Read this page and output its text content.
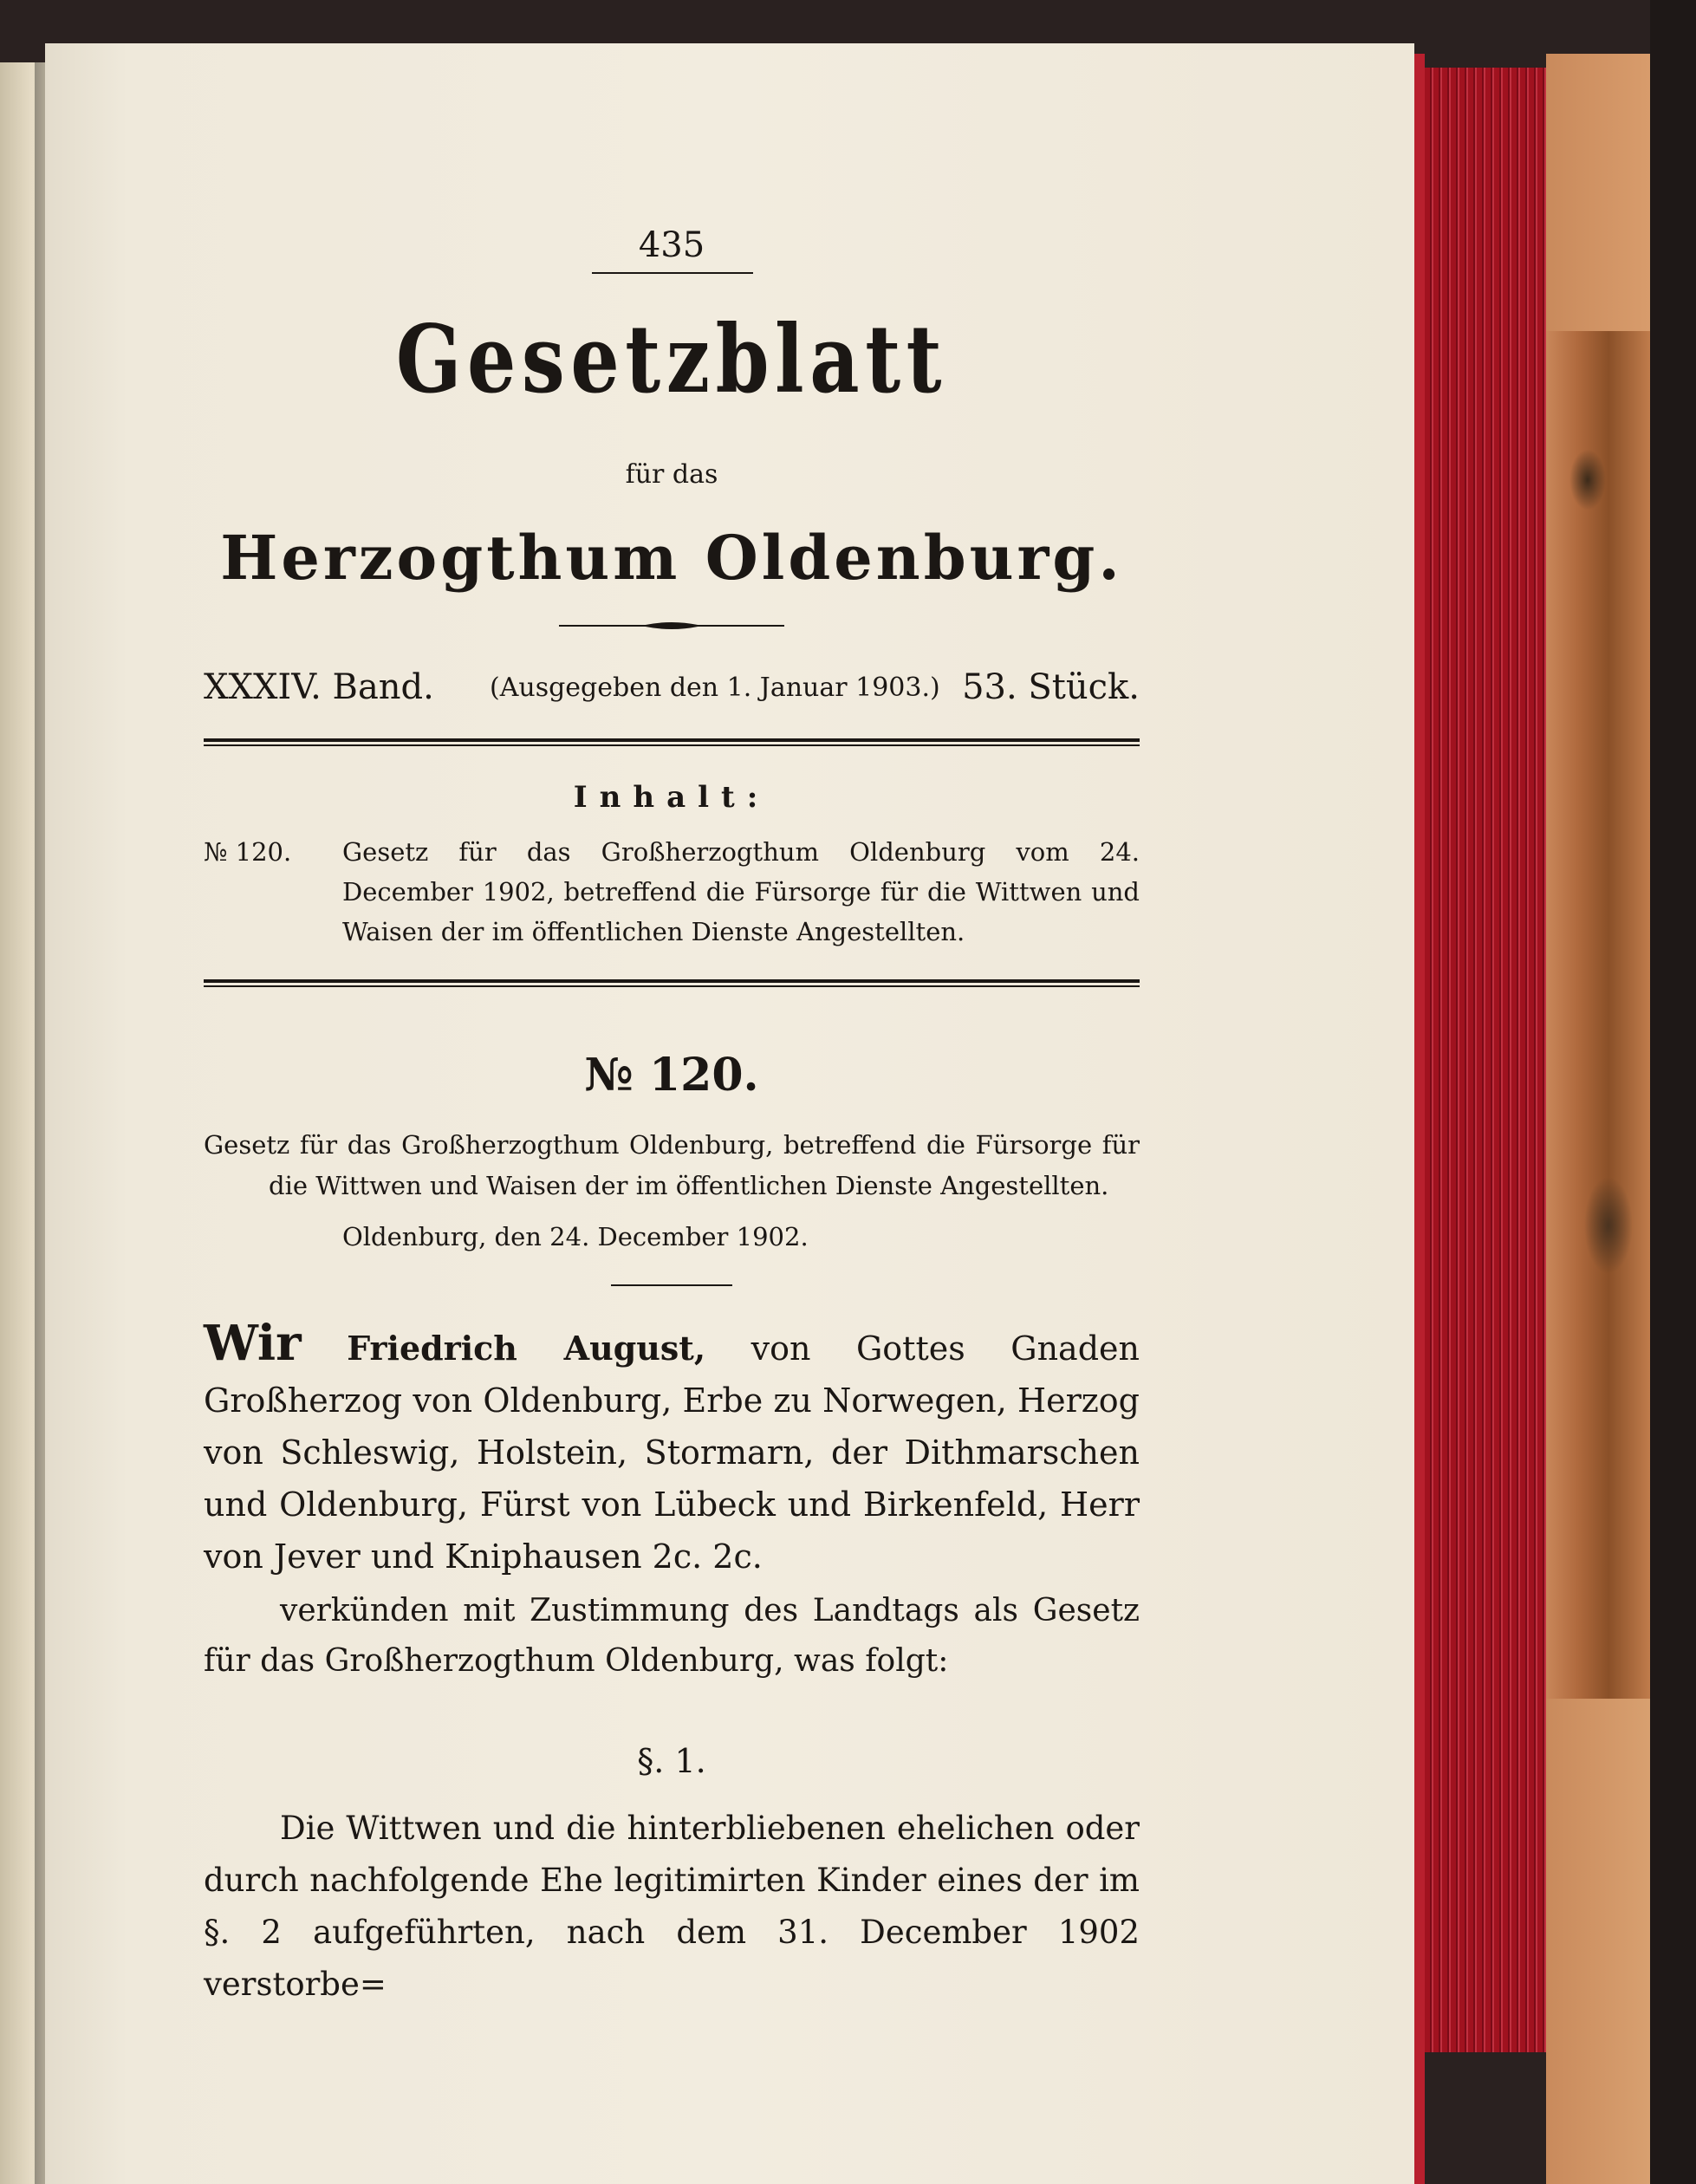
435
Gesetzblatt
für das
Herzogthum Oldenburg.
XXXIV. Band. (Ausgegeben den 1. Januar 1903.) 53. Stück.
Inhalt:
№ 120. Gesetz für das Großherzogthum Oldenburg vom 24. December 1902, betreffend die Fürsorge für die Wittwen und Waisen der im öffentlichen Dienste Angestellten.
№ 120.
Gesetz für das Großherzogthum Oldenburg, betreffend die Fürsorge für die Wittwen und Waisen der im öffentlichen Dienste Angestellten.
Oldenburg, den 24. December 1902.
Wir Friedrich August, von Gottes Gnaden Großherzog von Oldenburg, Erbe zu Norwegen, Herzog von Schleswig, Holstein, Stormarn, der Dithmarschen und Oldenburg, Fürst von Lübeck und Birkenfeld, Herr von Jever und Kniphausen 2c. 2c.
verkünden mit Zustimmung des Landtags als Gesetz für das Großherzogthum Oldenburg, was folgt:
§. 1.
Die Wittwen und die hinterbliebenen ehelichen oder durch nachfolgende Ehe legitimirten Kinder eines der im §. 2 aufgeführten, nach dem 31. December 1902 verstorbe=
